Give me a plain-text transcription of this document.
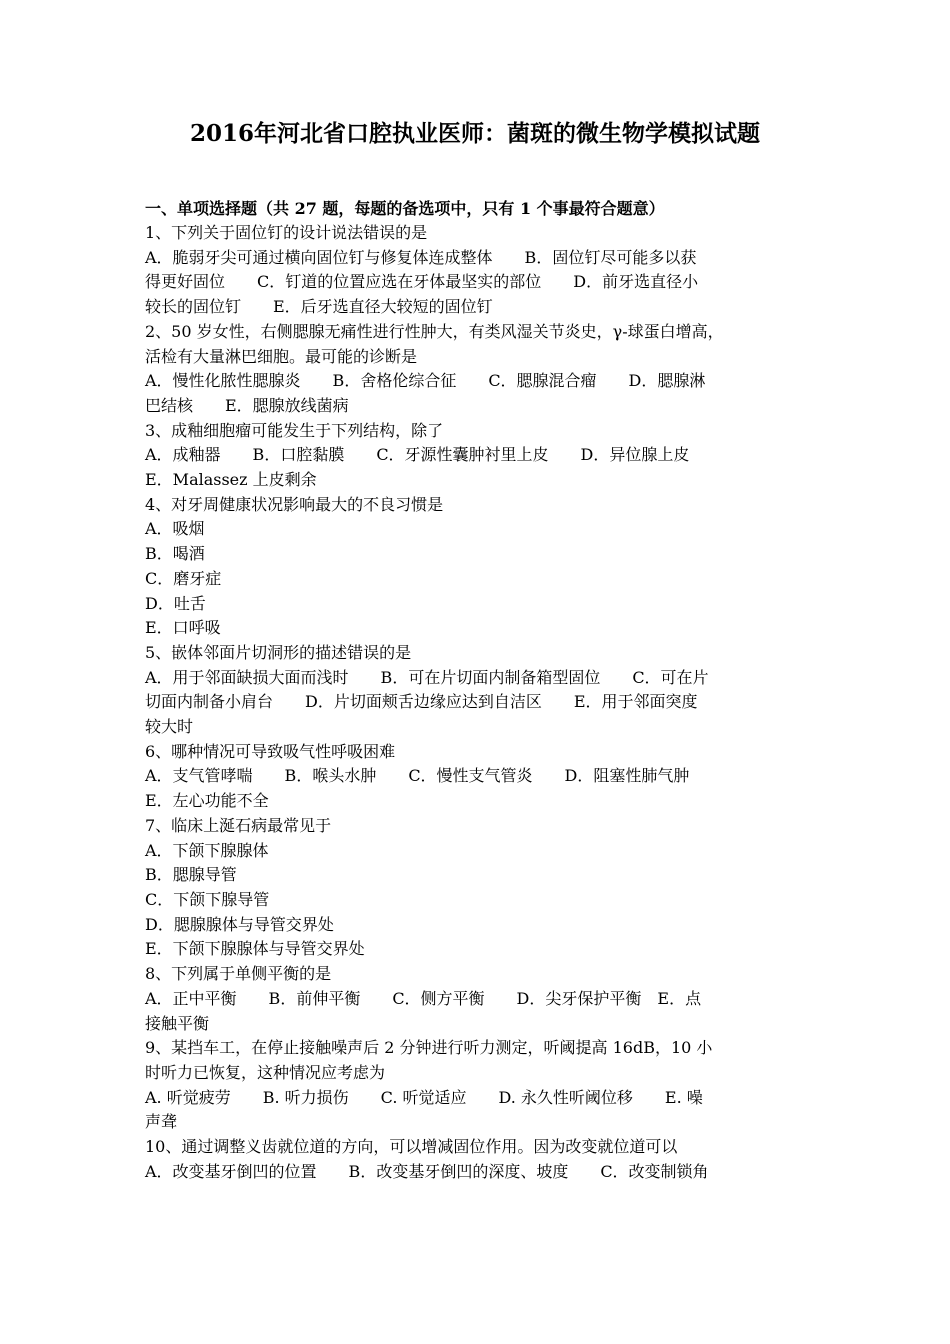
2016年河北省口腔执业医师：菌斑的微生物学模拟试题
一、单项选择题（共 27 题，每题的备选项中，只有 1 个事最符合题意）
1、下列关于固位钉的设计说法错误的是
A．脆弱牙尖可通过横向固位钉与修复体连成整体　　B．固位钉尽可能多以获
得更好固位　　C．钉道的位置应选在牙体最坚实的部位　　D．前牙选直径小
较长的固位钉　　E．后牙选直径大较短的固位钉
2、50 岁女性，右侧腮腺无痛性进行性肿大，有类风湿关节炎史，γ-球蛋白增高，
活检有大量淋巴细胞。最可能的诊断是
A．慢性化脓性腮腺炎　　B．舍格伦综合征　　C．腮腺混合瘤　　D．腮腺淋
巴结核　　E．腮腺放线菌病
3、成釉细胞瘤可能发生于下列结构，除了
A．成釉器　　B．口腔黏膜　　C．牙源性囊肿衬里上皮　　D．异位腺上皮
E．Malassez 上皮剩余
4、对牙周健康状况影响最大的不良习惯是
A．吸烟
B．喝酒
C．磨牙症
D．吐舌
E．口呼吸
5、嵌体邻面片切洞形的描述错误的是
A．用于邻面缺损大面而浅时　　B．可在片切面内制备箱型固位　　C．可在片
切面内制备小肩台　　D．片切面颊舌边缘应达到自洁区　　E．用于邻面突度
较大时
6、哪种情况可导致吸气性呼吸困难
A．支气管哮喘　　B．喉头水肿　　C．慢性支气管炎　　D．阻塞性肺气肿
E．左心功能不全
7、临床上涎石病最常见于
A．下颌下腺腺体
B．腮腺导管
C．下颌下腺导管
D．腮腺腺体与导管交界处
E．下颌下腺腺体与导管交界处
8、下列属于单侧平衡的是
A．正中平衡　　B．前伸平衡　　C．侧方平衡　　D．尖牙保护平衡　E．点
接触平衡
9、某挡车工，在停止接触噪声后 2 分钟进行听力测定，听阈提高 16dB，10 小
时听力已恢复，这种情况应考虑为
A. 听觉疲劳　　B. 听力损伤　　C. 听觉适应　　D. 永久性听阈位移　　E. 噪
声聋
10、通过调整义齿就位道的方向，可以增减固位作用。因为改变就位道可以
A．改变基牙倒凹的位置　　B．改变基牙倒凹的深度、坡度　　C．改变制锁角
